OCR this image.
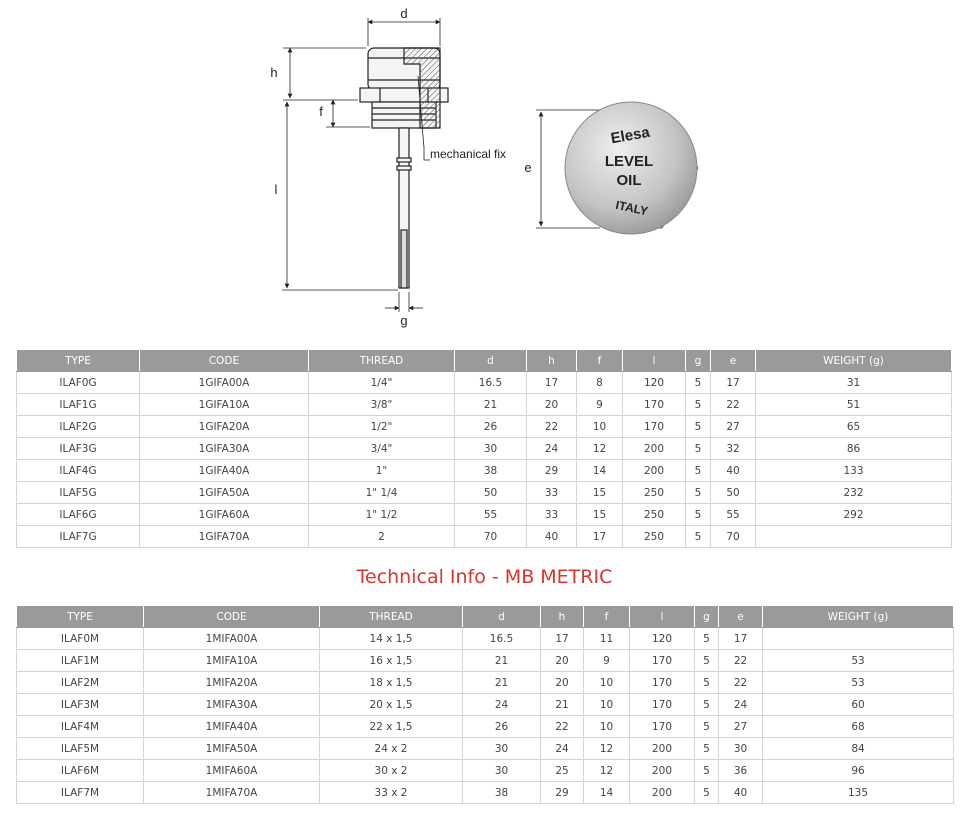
d
h
f
l
g
e
mechanical fix
Elesa
LEVEL
OIL
ITALY
TYPE	CODE	THREAD	d	h	f	l	g	e	WEIGHT (g)
ILAF0G	1GIFA00A	1/4"	16.5	17	8	120	5	17	31
ILAF1G	1GIFA10A	3/8"	21	20	9	170	5	22	51
ILAF2G	1GIFA20A	1/2"	26	22	10	170	5	27	65
ILAF3G	1GIFA30A	3/4"	30	24	12	200	5	32	86
ILAF4G	1GIFA40A	1"	38	29	14	200	5	40	133
ILAF5G	1GIFA50A	1" 1/4	50	33	15	250	5	50	232
ILAF6G	1GIFA60A	1" 1/2	55	33	15	250	5	55	292
ILAF7G	1GIFA70A	2	70	40	17	250	5	70	
Technical Info - MB METRIC
TYPE	CODE	THREAD	d	h	f	l	g	e	WEIGHT (g)
ILAF0M	1MIFA00A	14 x 1,5	16.5	17	11	120	5	17	
ILAF1M	1MIFA10A	16 x 1,5	21	20	9	170	5	22	53
ILAF2M	1MIFA20A	18 x 1,5	21	20	10	170	5	22	53
ILAF3M	1MIFA30A	20 x 1,5	24	21	10	170	5	24	60
ILAF4M	1MIFA40A	22 x 1,5	26	22	10	170	5	27	68
ILAF5M	1MIFA50A	24 x 2	30	24	12	200	5	30	84
ILAF6M	1MIFA60A	30 x 2	30	25	12	200	5	36	96
ILAF7M	1MIFA70A	33 x 2	38	29	14	200	5	40	135
